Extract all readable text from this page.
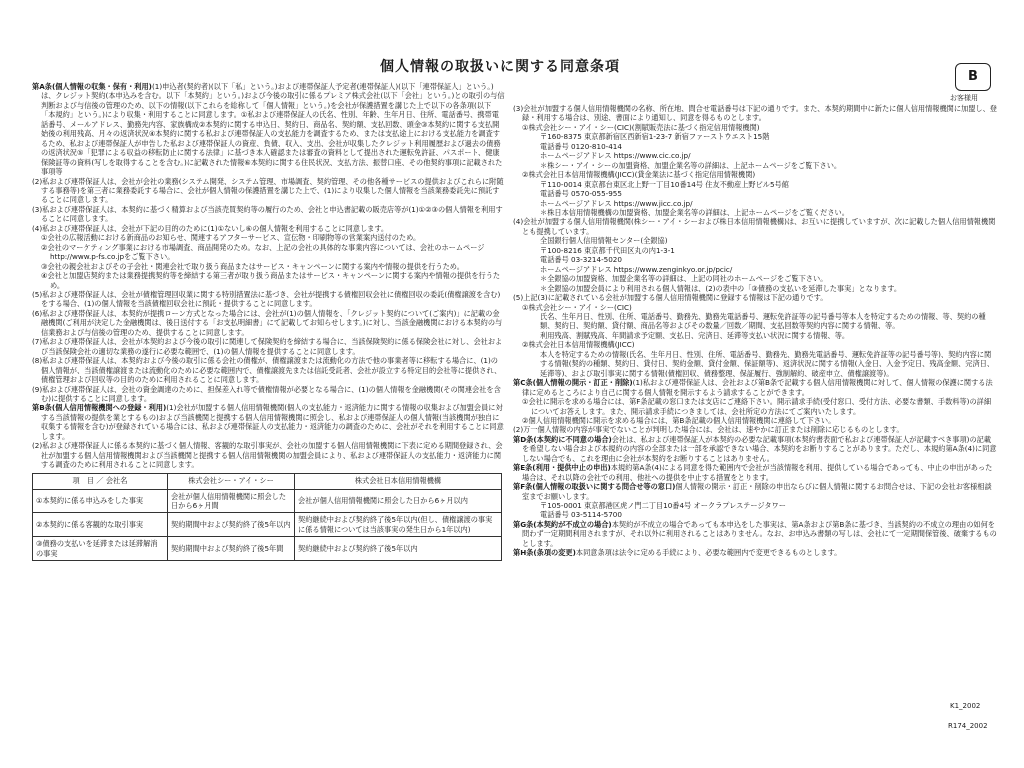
個人情報の取扱いに関する同意条項
B
お客様用

第A条(個人情報の収集・保有・利用)(1)申込者(契約者)(以下「私」という。)および連帯保証人予定者(連帯保証人)(以下「連帯保証人」という。)は、クレジット契約(本申込みを含む。以下「本契約」という。)および今後の取引に係るプレミア株式会社(以下「会社」という。)との取引の与信判断および与信後の管理のため、以下の情報(以下これらを総称して「個人情報」という。)を会社が保護措置を講じた上で以下の各条項(以下「本規約」という。)により収集・利用することに同意します。①私および連帯保証人の氏名、性別、年齢、生年月日、住所、電話番号、携帯電話番号、メールアドレス、勤務先内容、家族構成②本契約に関する申込日、契約日、商品名、契約額、支払回数、頭金③本契約に関する支払開始後の利用残高、月々の返済状況④本契約に関する私および連帯保証人の支払能力を調査するため、または支払途上における支払能力を調査するため、私および連帯保証人が申告した私および連帯保証人の資産、負債、収入、支出、会社が収集したクレジット利用履歴および過去の債務の返済状況⑤「犯罪による収益の移転防止に関する法律」に基づき本人確認または審査の資料として提出された運転免許証、パスポート、健康保険証等の資料(写しを取得することを含む。)に記載された情報⑥本契約に関する住民状況、支払方法、振替口座、その他契約事項に記載された事項等

(2)私および連帯保証人は、会社が会社の業務(システム開発、システム管理、市場調査、契約管理、その他各種サービスの提供およびこれらに附随する事務等)を第三者に業務委託する場合に、会社が個人情報の保護措置を講じた上で、(1)により収集した個人情報を当該業務委託先に預託することに同意します。

(3)私および連帯保証人は、本契約に基づく精算および当該売買契約等の履行のため、会社と申込書記載の販売店等が(1)①②③の個人情報を利用することに同意します。

(4)私および連帯保証人は、会社が下記の目的のために(1)①ないし⑥の個人情報を利用することに同意します。

①会社の広報活動における新商品のお知らせ、関連するアフターサービス、宣伝物・印刷物等の営業案内送付のため。

②会社のマーケティング事業における市場調査、商品開発のため。なお、上記の会社の具体的な事業内容については、会社のホームページ http://www.p-fs.co.jpをご覧下さい。

③会社の親会社およびその子会社・関連会社で取り扱う商品またはサービス・キャンペーンに関する案内や情報の提供を行うため。

④会社と加盟店契約または業務提携契約等を締結する第三者が取り扱う商品またはサービス・キャンペーンに関する案内や情報の提供を行うため。

(5)私および連帯保証人は、会社が債権管理回収業に関する特別措置法に基づき、会社が提携する債権回収会社に債権回収の委託(債権譲渡を含む)をする場合、(1)の個人情報を当該債権回収会社に預託・提供することに同意します。

(6)私および連帯保証人は、本契約が提携ローン方式となった場合には、会社が(1)の個人情報を、「クレジット契約について(ご案内)」に記載の金融機関(ご利用が決定した金融機関は、後日送付する「お支払明細書」にて記載してお知らせします。)に対し、当該金融機関における本契約の与信業務および与信後の管理のため、提供することに同意します。

(7)私および連帯保証人は、会社が本契約および今後の取引に関連して保険契約を締結する場合に、当該保険契約に係る保険会社に対し、会社および当該保険会社の適切な業務の遂行に必要な範囲で、(1)の個人情報を提供することに同意します。

(8)私および連帯保証人は、本契約および今後の取引に係る会社の債権が、債権譲渡または流動化の方法で他の事業者等に移転する場合に、(1)の個人情報が、当該債権譲渡または流動化のために必要な範囲内で、債権譲渡先または信託受託者、会社が設立する特定目的会社等に提供され、債権管理および回収等の目的のために利用されることに同意します。

(9)私および連帯保証人は、会社の資金調達のために、担保差入れ等で債権情報が必要となる場合に、(1)の個人情報を金融機関(その関連会社を含む)に提供することに同意します。

第B条(個人信用情報機関への登録・利用)(1)会社が加盟する個人信用情報機関(個人の支払能力・返済能力に関する情報の収集および加盟会員に対する当該情報の提供を業とするもの)および当該機関と提携する個人信用情報機関に照会し、私および連帯保証人の個人情報(当該機関が独自に収集する情報を含む)が登録されている場合には、私および連帯保証人の支払能力・返済能力の調査のために、会社がそれを利用することに同意します。

(2)私および連帯保証人に係る本契約に基づく個人情報、客観的な取引事実が、会社の加盟する個人信用情報機関に下表に定める期間登録され、会社が加盟する個人信用情報機関および当該機関と提携する個人信用情報機関の加盟会員により、私および連帯保証人の支払能力・返済能力に関する調査のために利用されることに同意します。

項　目 ／ 会社名	株式会社シー・アイ・シー	株式会社日本信用情報機構
①本契約に係る申込みをした事実	会社が個人信用情報機関に照会した日から6ヶ月間	会社が個人信用情報機関に照会した日から6ヶ月以内
②本契約に係る客観的な取引事実	契約期間中および契約終了後5年以内	契約継続中および契約終了後5年以内(但し、債権譲渡の事実に係る情報については当該事実の発生日から1年以内)
③債務の支払いを延滞または延滞解消の事実	契約期間中および契約終了後5年間	契約継続中および契約終了後5年以内

(3)会社が加盟する個人信用情報機関の名称、所在地、問合せ電話番号は下記の通りです。また、本契約期間中に新たに個人信用情報機関に加盟し、登録・利用する場合は、別途、書面により通知し、同意を得るものとします。

①株式会社シー・アイ・シー(CIC)(割賦販売法に基づく指定信用情報機関)

〒160-8375 東京都新宿区西新宿1-23-7 新宿ファーストウエスト15階

電話番号 0120-810-414

ホームページアドレス https://www.cic.co.jp/

＊株シー・アイ・シーの加盟資格、加盟企業名等の詳細は、上記ホームページをご覧下さい。

②株式会社日本信用情報機構(JICC)(貸金業法に基づく指定信用情報機関)

〒110-0014 東京都台東区北上野一丁目10番14号 住友不動産上野ビル5号館

電話番号 0570-055-955

ホームページアドレス https://www.jicc.co.jp/

＊株日本信用情報機構の加盟資格、加盟企業名等の詳細は、上記ホームページをご覧ください。

(4)会社が加盟する個人信用情報機関(株シー・アイ・シーおよび株日本信用情報機構)は、お互いに提携していますが、次に記載した個人信用情報機関とも提携しています。

全国銀行個人信用情報センター(全銀協)

〒100-8216 東京都千代田区丸の内1-3-1

電話番号 03-3214-5020

ホームページアドレス https://www.zenginkyo.or.jp/pcic/

＊全銀協の加盟資格、加盟企業名等の詳細は、上記の同社のホームページをご覧下さい。

＊全銀協の加盟会員により利用される個人情報は、(2)の表中の「③債務の支払いを延滞した事実」となります。

(5)上記(3)に記載されている会社が加盟する個人信用情報機関に登録する情報は下記の通りです。

①株式会社シー・アイ・シー(CIC)

氏名、生年月日、性別、住所、電話番号、勤務先、勤務先電話番号、運転免許証等の記号番号等本人を特定するための情報、等、契約の種類、契約日、契約額、貸付額、商品名等およびその数量／回数／期間、支払回数等契約内容に関する情報、等。

利用残高、割賦残高、年間請求予定額、支払日、完済日、延滞等支払い状況に関する情報、等。

②株式会社日本信用情報機構(JICC)

本人を特定するための情報(氏名、生年月日、性別、住所、電話番号、勤務先、勤務先電話番号、運転免許証等の記号番号等)、契約内容に関する情報(契約の種類、契約日、貸付日、契約金額、貸付金額、保証額等)、返済状況に関する情報(入金日、入金予定日、残高金額、完済日、延滞等)、および取引事実に関する情報(債権回収、債務整理、保証履行、強制解約、破産申立、債権譲渡等)。

第C条(個人情報の開示・訂正・削除)(1)私および連帯保証人は、会社および第B条で記載する個人信用情報機関に対して、個人情報の保護に関する法律に定めるところにより自己に関する個人情報を開示するよう請求することができます。

①会社に開示を求める場合には、第F条記載の窓口または支店にご連絡下さい。開示請求手続(受付窓口、受付方法、必要な書類、手数料等)の詳細についてお答えします。また、開示請求手続につきましては、会社所定の方法にてご案内いたします。

②個人信用情報機関に開示を求める場合には、第B条記載の個人信用情報機関に連絡して下さい。

(2)万一個人情報の内容が事実でないことが判明した場合には、会社は、速やかに訂正または削除に応じるものとします。

第D条(本契約に不同意の場合)会社は、私および連帯保証人が本契約の必要な記載事項(本契約書表面で私および連帯保証人が記載すべき事項)の記載を希望しない場合および本規約の内容の全部または一部を承認できない場合、本契約をお断りすることがあります。ただし、本規約第A条(4)に同意しない場合でも、これを理由に会社が本契約をお断りすることはありません。

第E条(利用・提供中止の申出)本規約第A条(4)による同意を得た範囲内で会社が当該情報を利用、提供している場合であっても、中止の申出があった場合は、それ以降の会社での利用、他社への提供を中止する措置をとります。

第F条(個人情報の取扱いに関する問合せ等の窓口)個人情報の開示・訂正・削除の申出ならびに個人情報に関するお問合せは、下記の会社お客様相談室までお願いします。

〒105-0001 東京都港区虎ノ門二丁目10番4号 オークラプレステージタワー

電話番号 03-5114-5700

第G条(本契約が不成立の場合)本契約が不成立の場合であっても本申込をした事実は、第A条および第B条に基づき、当該契約の不成立の理由の如何を問わず一定期間利用されますが、それ以外に利用されることはありません。なお、お申込み書類の写しは、会社にて一定期間保管後、破棄するものとします。

第H条(条項の変更)本同意条項は法令に定める手続により、必要な範囲内で変更できるものとします。

K1_2002
R174_2002
